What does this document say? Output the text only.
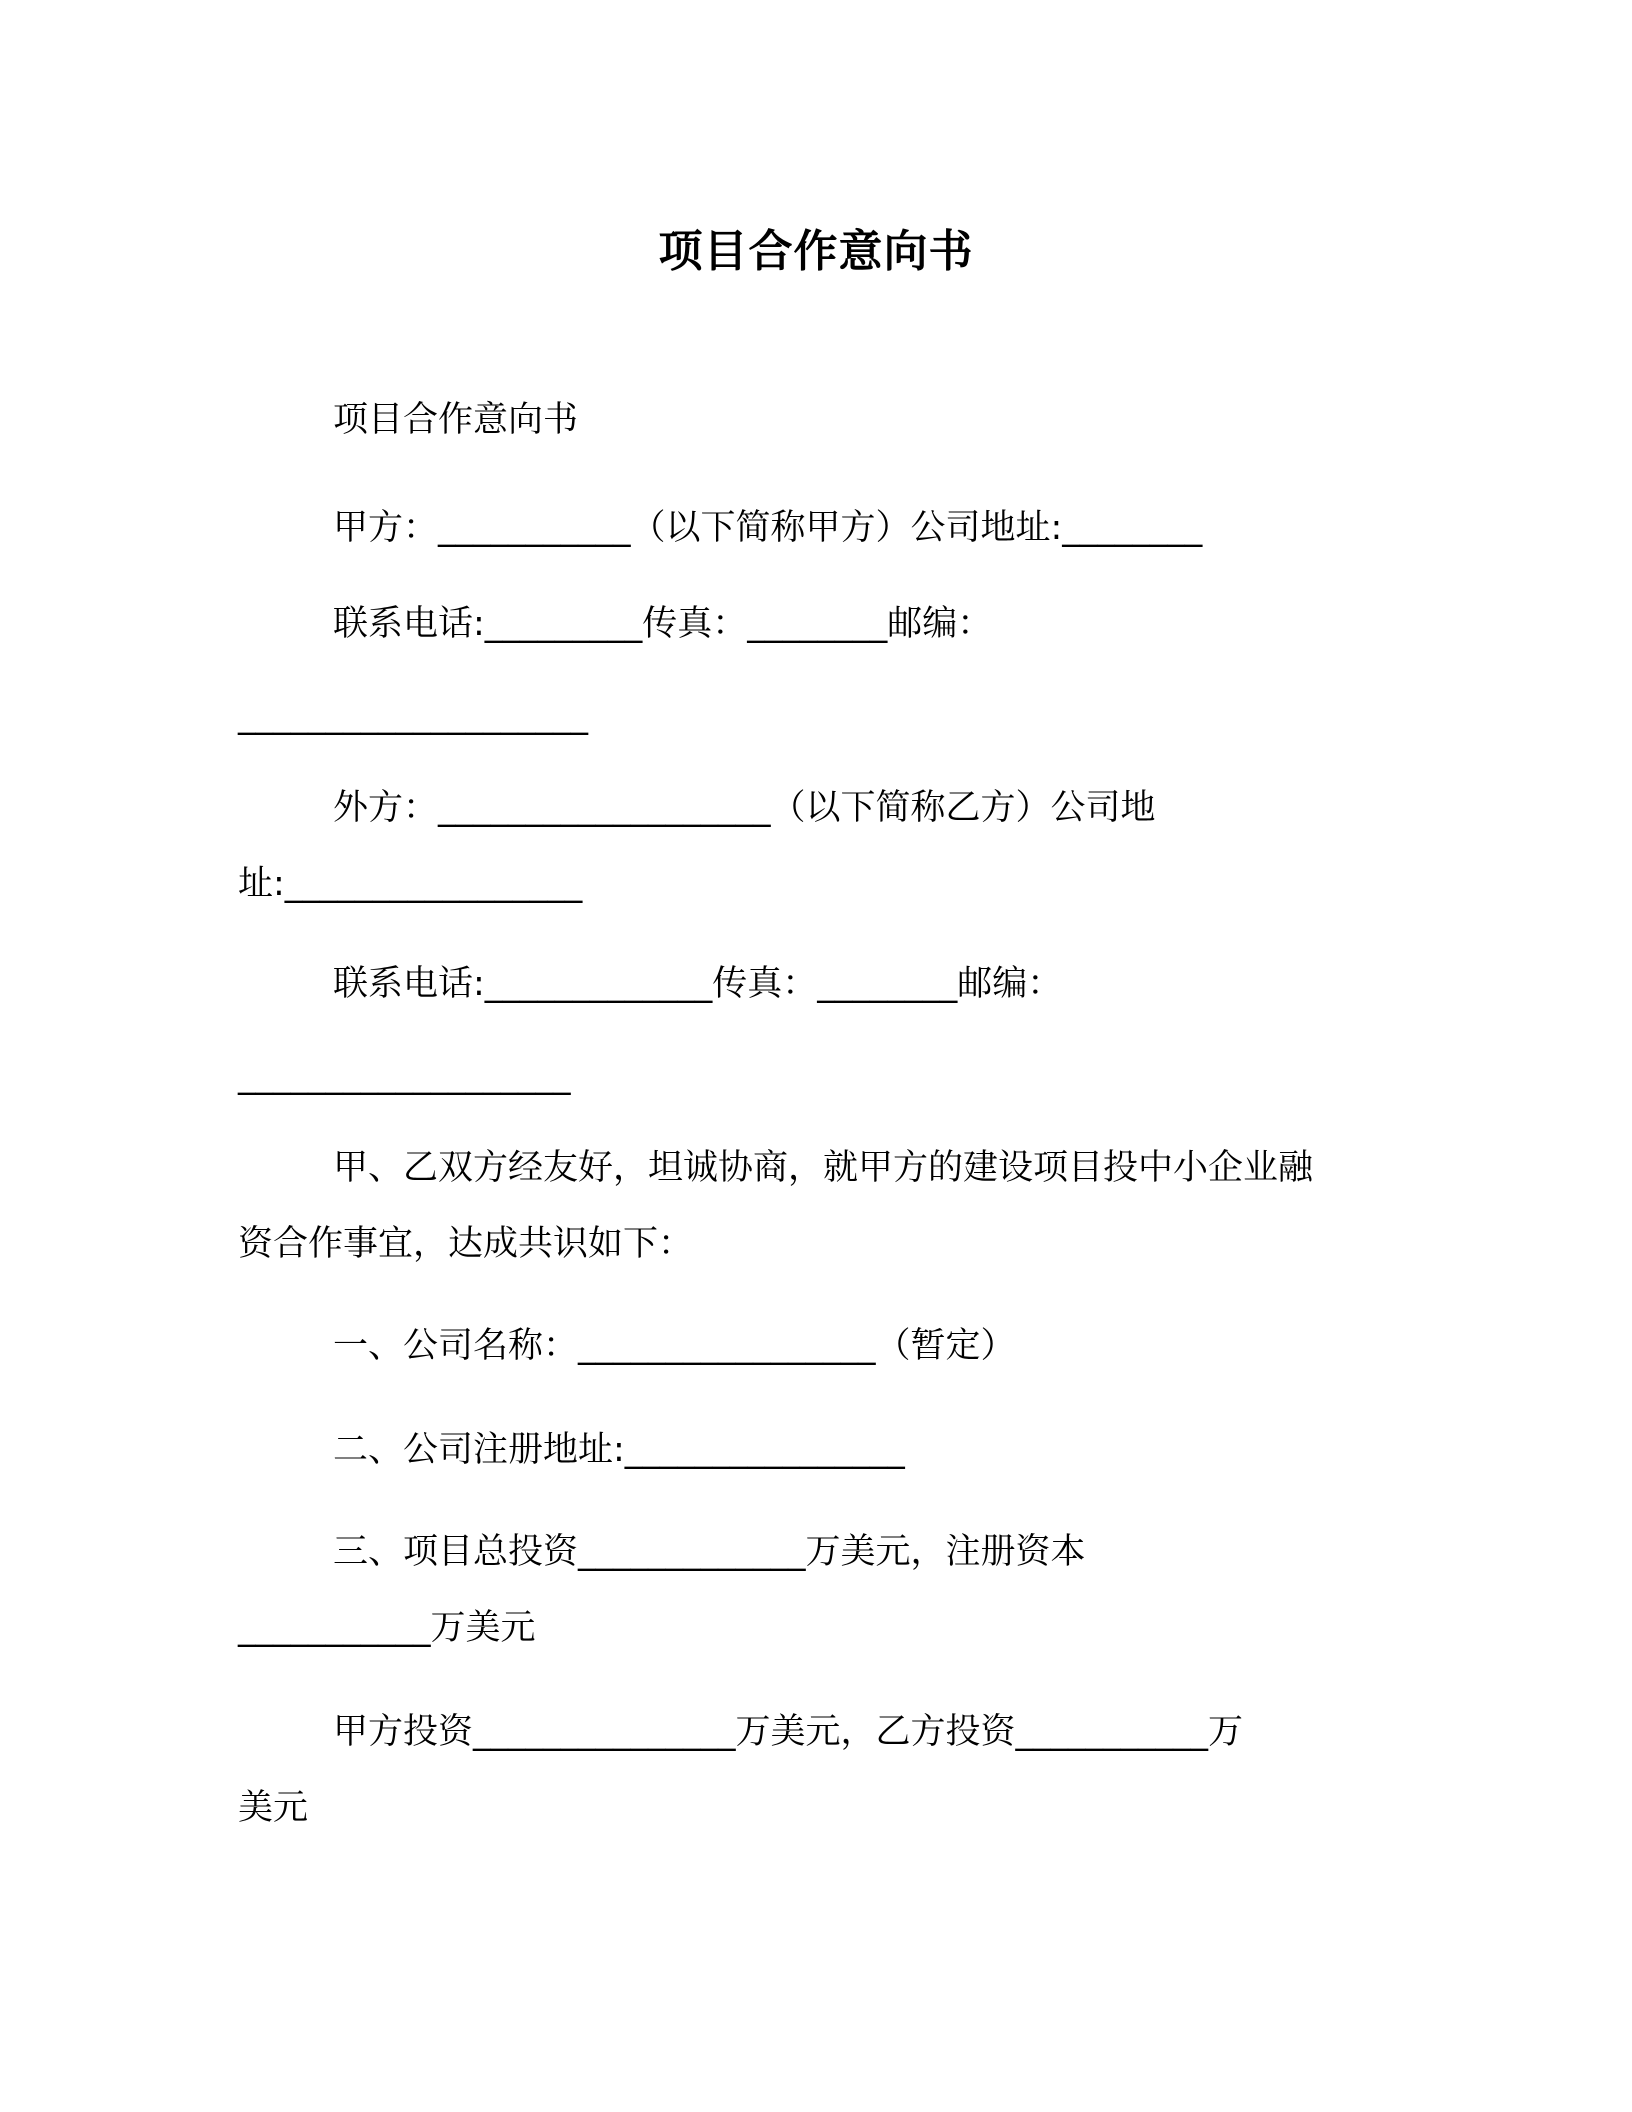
项目合作意向书
项目合作意向书
甲方：___________（以下简称甲方）公司地址:________
联系电话:_________传真：________邮编：
____________________
外方：___________________（以下简称乙方）公司地
址:_________________
联系电话:_____________传真：________邮编：
___________________
甲、乙双方经友好，坦诚协商，就甲方的建设项目投中小企业融
资合作事宜，达成共识如下：
一、公司名称：_________________（暂定）
二、公司注册地址:________________
三、项目总投资_____________万美元，注册资本
___________万美元
甲方投资_______________万美元，乙方投资___________万
美元
